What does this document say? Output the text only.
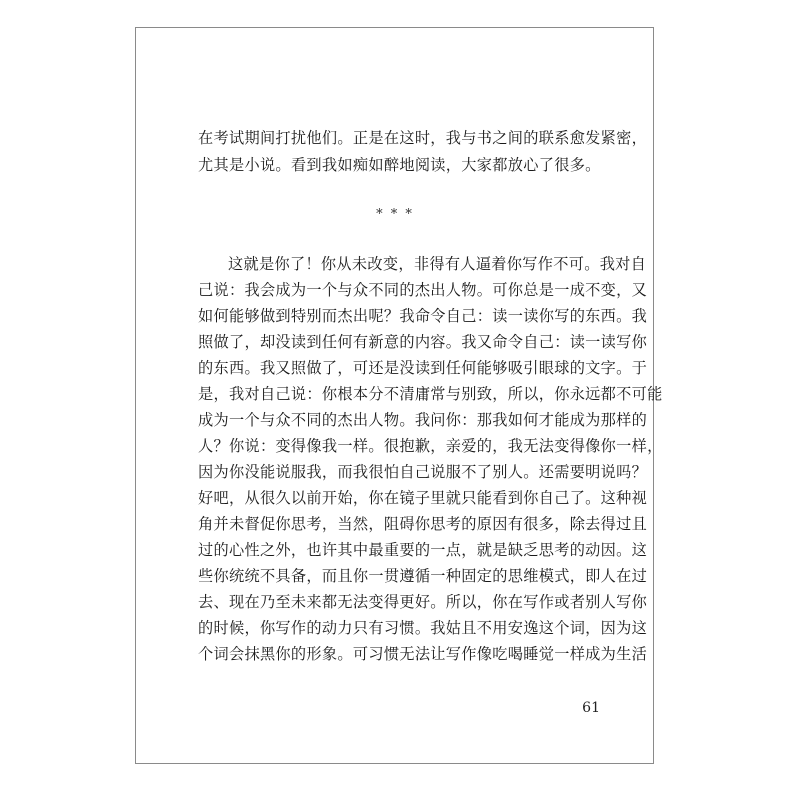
在考试期间打扰他们。正是在这时，我与书之间的联系愈发紧密，
尤其是小说。看到我如痴如醉地阅读，大家都放心了很多。
* * *
这就是你了！你从未改变，非得有人逼着你写作不可。我对自
己说：我会成为一个与众不同的杰出人物。可你总是一成不变，又
如何能够做到特别而杰出呢？我命令自己：读一读你写的东西。我
照做了，却没读到任何有新意的内容。我又命令自己：读一读写你
的东西。我又照做了，可还是没读到任何能够吸引眼球的文字。于
是，我对自己说：你根本分不清庸常与别致，所以，你永远都不可能
成为一个与众不同的杰出人物。我问你：那我如何才能成为那样的
人？你说：变得像我一样。很抱歉，亲爱的，我无法变得像你一样，
因为你没能说服我，而我很怕自己说服不了别人。还需要明说吗？
好吧，从很久以前开始，你在镜子里就只能看到你自己了。这种视
角并未督促你思考，当然，阻碍你思考的原因有很多，除去得过且
过的心性之外，也许其中最重要的一点，就是缺乏思考的动因。这
些你统统不具备，而且你一贯遵循一种固定的思维模式，即人在过
去、现在乃至未来都无法变得更好。所以，你在写作或者别人写你
的时候，你写作的动力只有习惯。我姑且不用安逸这个词，因为这
个词会抹黑你的形象。可习惯无法让写作像吃喝睡觉一样成为生活
61
